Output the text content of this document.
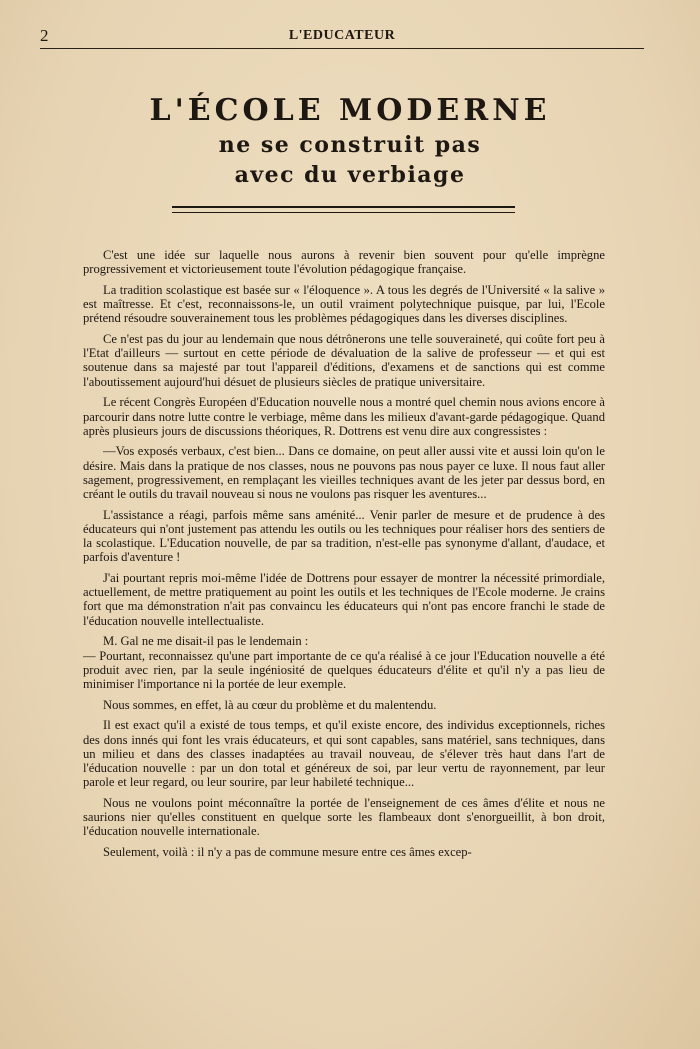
2	L'EDUCATEUR
L'ÉCOLE MODERNE
ne se construit pas
avec du verbiage

C'est une idée sur laquelle nous aurons à revenir bien souvent pour qu'elle imprègne progressivement et victorieusement toute l'évolution pédagogique française.

La tradition scolastique est basée sur « l'éloquence ». A tous les degrés de l'Université « la salive » est maîtresse. Et c'est, reconnaissons-le, un outil vraiment polytechnique puisque, par lui, l'Ecole prétend résoudre souverainement tous les problèmes pédagogiques dans les diverses disciplines.

Ce n'est pas du jour au lendemain que nous détrônerons une telle souveraineté, qui coûte fort peu à l'Etat d'ailleurs — surtout en cette période de dévaluation de la salive de professeur — et qui est soutenue dans sa majesté par tout l'appareil d'éditions, d'examens et de sanctions qui est comme l'aboutissement aujourd'hui désuet de plusieurs siècles de pratique universitaire.

Le récent Congrès Européen d'Education nouvelle nous a montré quel chemin nous avions encore à parcourir dans notre lutte contre le verbiage, même dans les milieux d'avant-garde pédagogique. Quand après plusieurs jours de discussions théoriques, R. Dottrens est venu dire aux congressistes :

—Vos exposés verbaux, c'est bien... Dans ce domaine, on peut aller aussi vite et aussi loin qu'on le désire. Mais dans la pratique de nos classes, nous ne pouvons pas nous payer ce luxe. Il nous faut aller sagement, progressivement, en remplaçant les vieilles techniques avant de les jeter par dessus bord, en créant le outils du travail nouveau si nous ne voulons pas risquer les aventures...

L'assistance a réagi, parfois même sans aménité... Venir parler de mesure et de prudence à des éducateurs qui n'ont justement pas attendu les outils ou les techniques pour réaliser hors des sentiers de la scolastique. L'Education nouvelle, de par sa tradition, n'est-elle pas synonyme d'allant, d'audace, et parfois d'aventure !

J'ai pourtant repris moi-même l'idée de Dottrens pour essayer de montrer la nécessité primordiale, actuellement, de mettre pratiquement au point les outils et les techniques de l'Ecole moderne. Je crains fort que ma démonstration n'ait pas convaincu les éducateurs qui n'ont pas encore franchi le stade de l'éducation nouvelle intellectualiste.

M. Gal ne me disait-il pas le lendemain :

— Pourtant, reconnaissez qu'une part importante de ce qu'a réalisé à ce jour l'Education nouvelle a été produit avec rien, par la seule ingéniosité de quelques éducateurs d'élite et qu'il n'y a pas lieu de minimiser l'importance ni la portée de leur exemple.

Nous sommes, en effet, là au cœur du problème et du malentendu.

Il est exact qu'il a existé de tous temps, et qu'il existe encore, des individus exceptionnels, riches des dons innés qui font les vrais éducateurs, et qui sont capables, sans matériel, sans techniques, dans un milieu et dans des classes inadaptées au travail nouveau, de s'élever très haut dans l'art de l'éducation nouvelle : par un don total et généreux de soi, par leur vertu de rayonnement, par leur parole et leur regard, ou leur sourire, par leur habileté technique...

Nous ne voulons point méconnaître la portée de l'enseignement de ces âmes d'élite et nous ne saurions nier qu'elles constituent en quelque sorte les flambeaux dont s'enorgueillit, à bon droit, l'éducation nouvelle internationale.

Seulement, voilà : il n'y a pas de commune mesure entre ces âmes excep-
